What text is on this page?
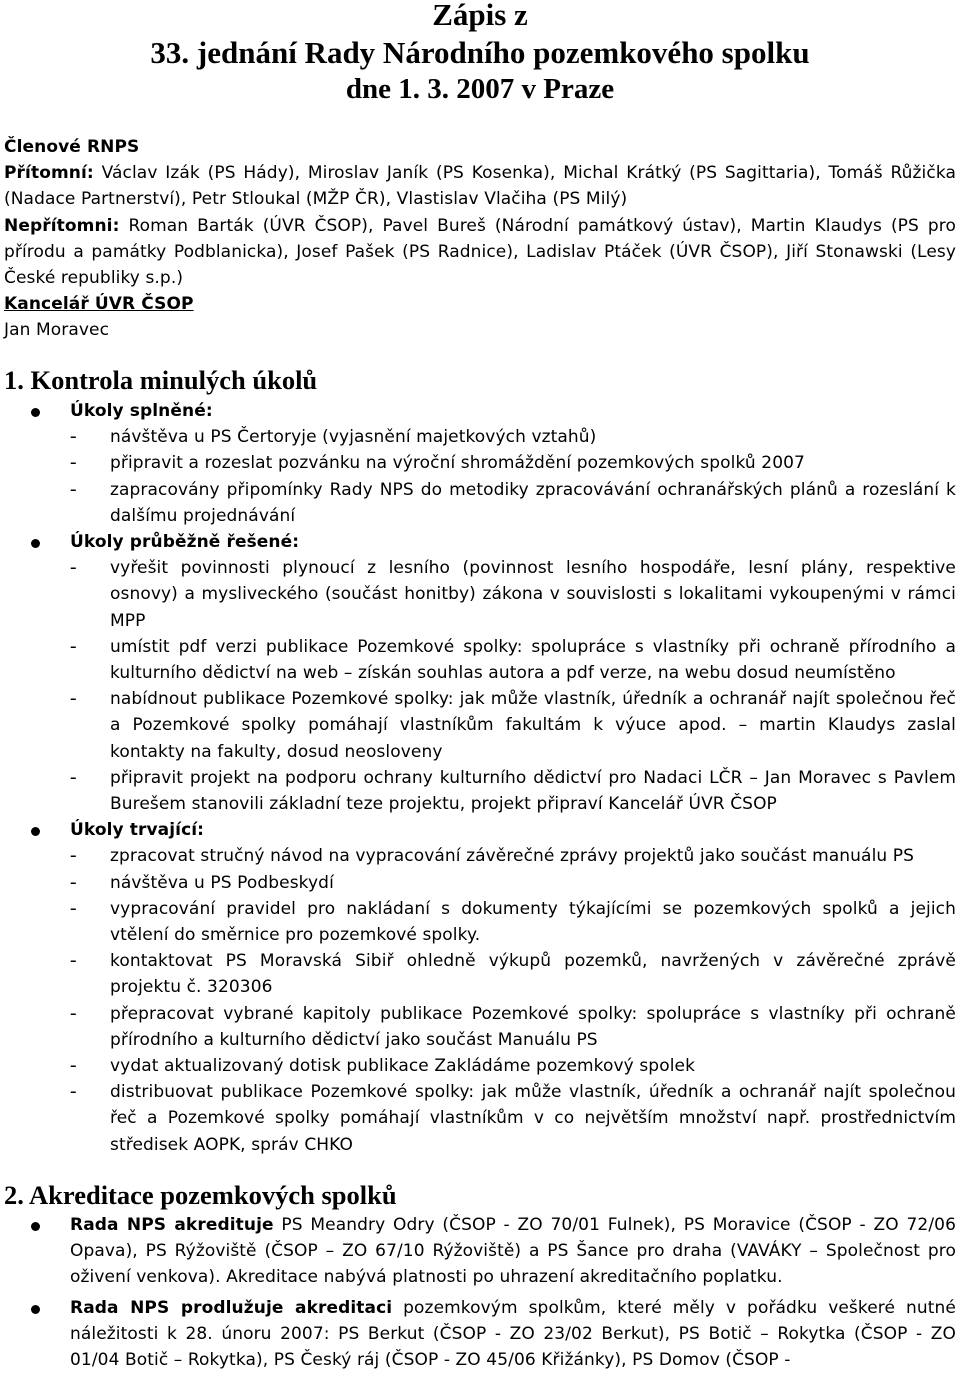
Zápis z

33. jednání Rady Národního pozemkového spolku

dne 1. 3. 2007 v Praze

Členové RNPS

Přítomní: Václav Izák (PS Hády), Miroslav Janík (PS Kosenka), Michal Krátký (PS Sagittaria), Tomáš Růžička (Nadace Partnerství), Petr Stloukal (MŽP ČR), Vlastislav Vlačiha (PS Milý)

Nepřítomni: Roman Barták (ÚVR ČSOP), Pavel Bureš (Národní památkový ústav), Martin Klaudys (PS pro přírodu a památky Podblanicka), Josef Pašek (PS Radnice), Ladislav Ptáček (ÚVR ČSOP), Jiří Stonawski (Lesy České republiky s.p.)

Kancelář ÚVR ČSOP

Jan Moravec

1. Kontrola minulých úkolů
Úkoly splněné:
- návštěva u PS Čertoryje (vyjasnění majetkových vztahů)
- připravit a rozeslat pozvánku na výroční shromáždění pozemkových spolků 2007
- zapracovány připomínky Rady NPS do metodiky zpracovávání ochranářských plánů a rozeslání k dalšímu projednávání
Úkoly průběžně řešené:
- vyřešit povinnosti plynoucí z lesního (povinnost lesního hospodáře, lesní plány, respektive osnovy) a mysliveckého (součást honitby) zákona v souvislosti s lokalitami vykoupenými v rámci MPP
- umístit pdf verzi publikace Pozemkové spolky: spolupráce s vlastníky při ochraně přírodního a kulturního dědictví na web – získán souhlas autora a pdf verze, na webu dosud neumístěno
- nabídnout publikace Pozemkové spolky: jak může vlastník, úředník a ochranář najít společnou řeč a Pozemkové spolky pomáhají vlastníkům fakultám k výuce apod. – martin Klaudys zaslal kontakty na fakulty, dosud neosloveny
- připravit projekt na podporu ochrany kulturního dědictví pro Nadaci LČR – Jan Moravec s Pavlem Burešem stanovili základní teze projektu, projekt připraví Kancelář ÚVR ČSOP
Úkoly trvající:
- zpracovat stručný návod na vypracování závěrečné zprávy projektů jako součást manuálu PS
- návštěva u PS Podbeskydí
- vypracování pravidel pro nakládaní s dokumenty týkajícími se pozemkových spolků a jejich vtělení do směrnice pro pozemkové spolky.
- kontaktovat PS Moravská Sibiř ohledně výkupů pozemků, navržených v závěrečné zprávě projektu č. 320306
- přepracovat vybrané kapitoly publikace Pozemkové spolky: spolupráce s vlastníky při ochraně přírodního a kulturního dědictví jako součást Manuálu PS
- vydat aktualizovaný dotisk publikace Zakládáme pozemkový spolek
- distribuovat publikace Pozemkové spolky: jak může vlastník, úředník a ochranář najít společnou řeč a Pozemkové spolky pomáhají vlastníkům v co největším množství např. prostřednictvím středisek AOPK, správ CHKO
2. Akreditace pozemkových spolků
Rada NPS akredituje PS Meandry Odry (ČSOP - ZO 70/01 Fulnek), PS Moravice (ČSOP - ZO 72/06 Opava), PS Rýžoviště (ČSOP – ZO 67/10 Rýžoviště) a PS Šance pro draha (VAVÁKY – Společnost pro oživení venkova). Akreditace nabývá platnosti po uhrazení akreditačního poplatku.
Rada NPS prodlužuje akreditaci pozemkovým spolkům, které měly v pořádku veškeré nutné náležitosti k 28. únoru 2007: PS Berkut (ČSOP - ZO 23/02 Berkut), PS Botič – Rokytka (ČSOP - ZO 01/04 Botič – Rokytka), PS Český ráj (ČSOP - ZO 45/06 Křižánky), PS Domov (ČSOP -
